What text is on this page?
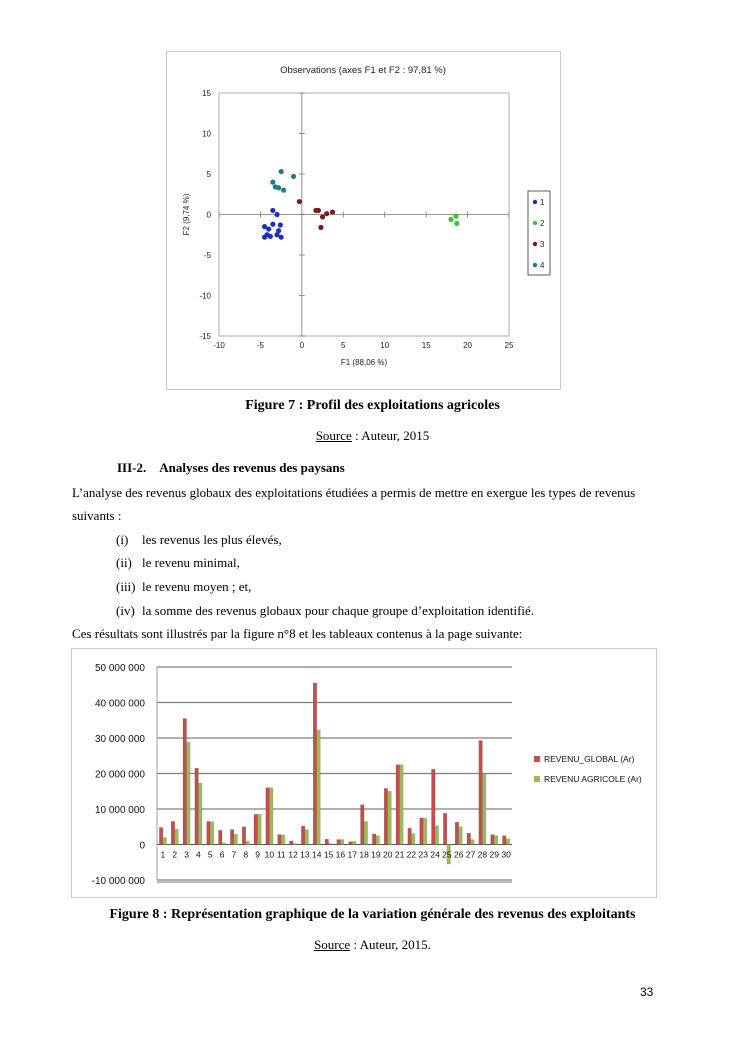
Observations (axes F1 et F2 : 97,81 %)
-10	-5	0	5	10	15	20	25
-15
-10
-5
0
5
10
15
F1 (88,06 %)
F2 (9,74 %)	1
2
3
4
Figure 7 : Profil des exploitations agricoles
Source : Auteur, 2015
III-2. Analyses des revenus des paysans
L’analyse des revenus globaux des exploitations étudiées a permis de mettre en exergue les types de revenus
suivants :
(i) les revenus les plus élevés,
(ii) le revenu minimal,
(iii) le revenu moyen ; et,
(iv) la somme des revenus globaux pour chaque groupe d’exploitation identifié.
Ces résultats sont illustrés par la figure n°8 et les tableaux contenus à la page suivante:
-10 000 000
0
10 000 000
20 000 000
30 000 000
40 000 000
50 000 000
1 2 3 4 5 6 7 8 9 10 11 12 13 14 15 16 17 18 19 20 21 22 23 24 25 26 27 28 29 30
REVENU_GLOBAL (Ar)
REVENU AGRICOLE (Ar)
Figure 8 : Représentation graphique de la variation générale des revenus des exploitants
Source : Auteur, 2015.
33
